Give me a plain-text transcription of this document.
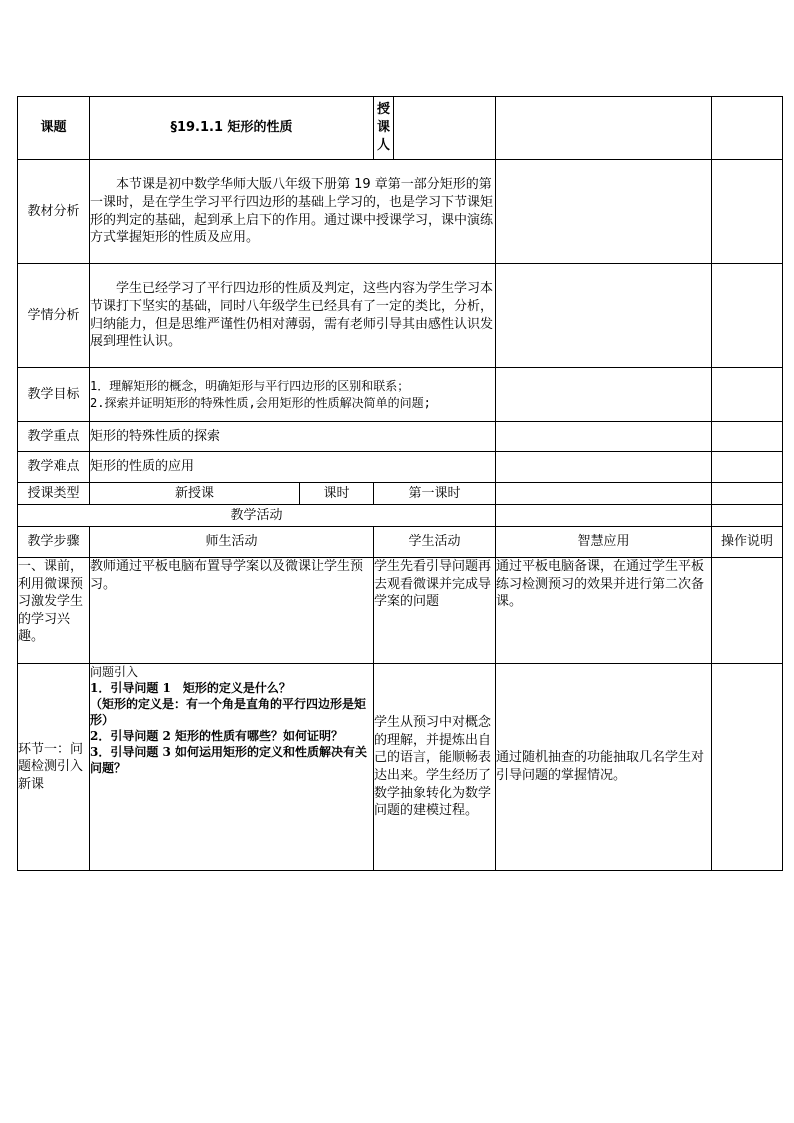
课题	§19.1.1 矩形的性质		授课人			

教材分析	本节课是初中数学华师大版八年级下册第 19 章第一部分矩形的第一课时，是在学生学习平行四边形的基础上学习的，也是学习下节课矩形的判定的基础，起到承上启下的作用。通过课中授课学习，课中演练方式掌握矩形的性质及应用。					
学情分析	学生已经学习了平行四边形的性质及判定，这些内容为学生学习本节课打下坚实的基础，同时八年级学生已经具有了一定的类比，分析，归纳能力，但是思维严谨性仍相对薄弱，需有老师引导其由感性认识发展到理性认识。					
教学目标	1．理解矩形的概念，明确矩形与平行四边形的区别和联系；
2.探索并证明矩形的特殊性质,会用矩形的性质解决简单的问题;					

教学重点	矩形的特殊性质的探索					
教学难点	矩形的性质的应用					
授课类型	新授课	课时	第一课时			
教学活动						
教学步骤	师生活动		学生活动		智慧应用	操作说明
一、课前，利用微课预习激发学生的学习兴趣。	教师通过平板电脑布置导学案以及微课让学生预习。		学生先看引导问题再去观看微课并完成导学案的问题		通过平板电脑备课，在通过学生平板练习检测预习的效果并进行第二次备课。	
环节一：问题检测引入新课	问题引入
1．引导问题 1　矩形的定义是什么？
（矩形的定义是：有一个角是直角的平行四边形是矩形）
2．引导问题 2 矩形的性质有哪些？如何证明？
3．引导问题 3 如何运用矩形的定义和性质解决有关问题？		学生从预习中对概念的理解，并提炼出自己的语言，能顺畅表达出来。学生经历了数学抽象转化为数学问题的建模过程。		通过随机抽查的功能抽取几名学生对引导问题的掌握情况。	
